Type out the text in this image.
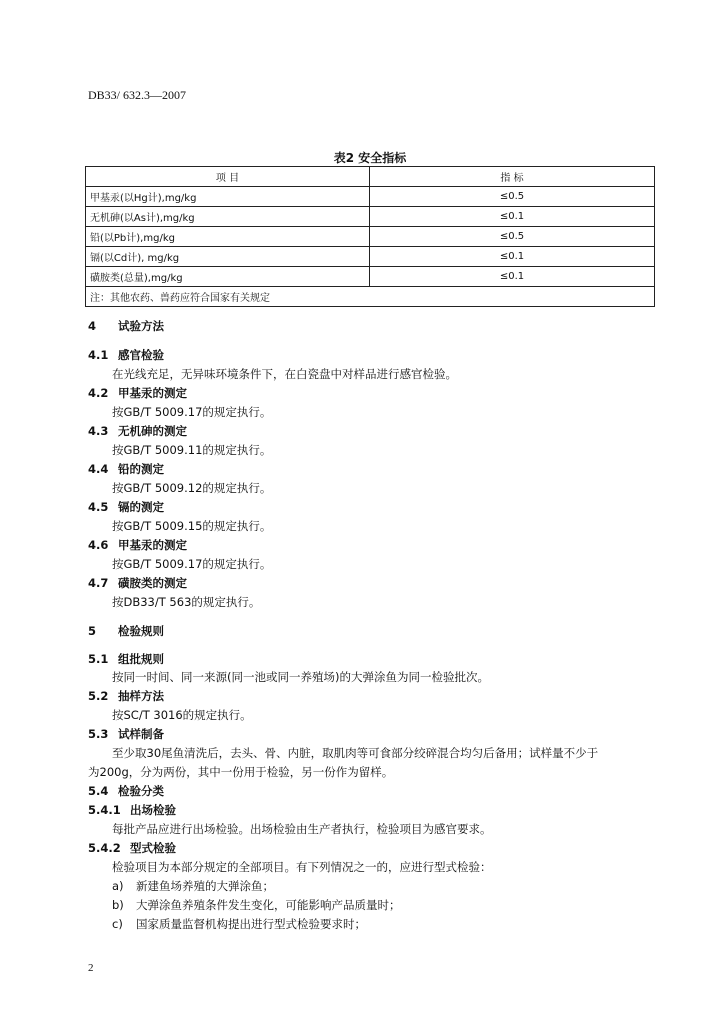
DB33/ 632.3—2007
表2 安全指标
项 目	指 标
甲基汞(以Hg计),mg/kg	≤0.5
无机砷(以As计),mg/kg	≤0.1
铅(以Pb计),mg/kg	≤0.5
镉(以Cd计), mg/kg	≤0.1
磺胺类(总量),mg/kg	≤0.1
注：其他农药、兽药应符合国家有关规定	
4 试验方法
4.1 感官检验
在光线充足，无异味环境条件下，在白瓷盘中对样品进行感官检验。
4.2 甲基汞的测定
按GB/T 5009.17的规定执行。
4.3 无机砷的测定
按GB/T 5009.11的规定执行。
4.4 铅的测定
按GB/T 5009.12的规定执行。
4.5 镉的测定
按GB/T 5009.15的规定执行。
4.6 甲基汞的测定
按GB/T 5009.17的规定执行。
4.7 磺胺类的测定
按DB33/T 563的规定执行。
5 检验规则
5.1 组批规则
按同一时间、同一来源(同一池或同一养殖场)的大弹涂鱼为同一检验批次。
5.2 抽样方法
按SC/T 3016的规定执行。
5.3 试样制备
至少取30尾鱼清洗后，去头、骨、内脏，取肌肉等可食部分绞碎混合均匀后备用；试样量不少于
为200g，分为两份，其中一份用于检验，另一份作为留样。
5.4 检验分类
5.4.1 出场检验
每批产品应进行出场检验。出场检验由生产者执行，检验项目为感官要求。
5.4.2 型式检验
检验项目为本部分规定的全部项目。有下列情况之一的，应进行型式检验：
a) 新建鱼场养殖的大弹涂鱼；
b) 大弹涂鱼养殖条件发生变化，可能影响产品质量时；
c) 国家质量监督机构提出进行型式检验要求时；
2
